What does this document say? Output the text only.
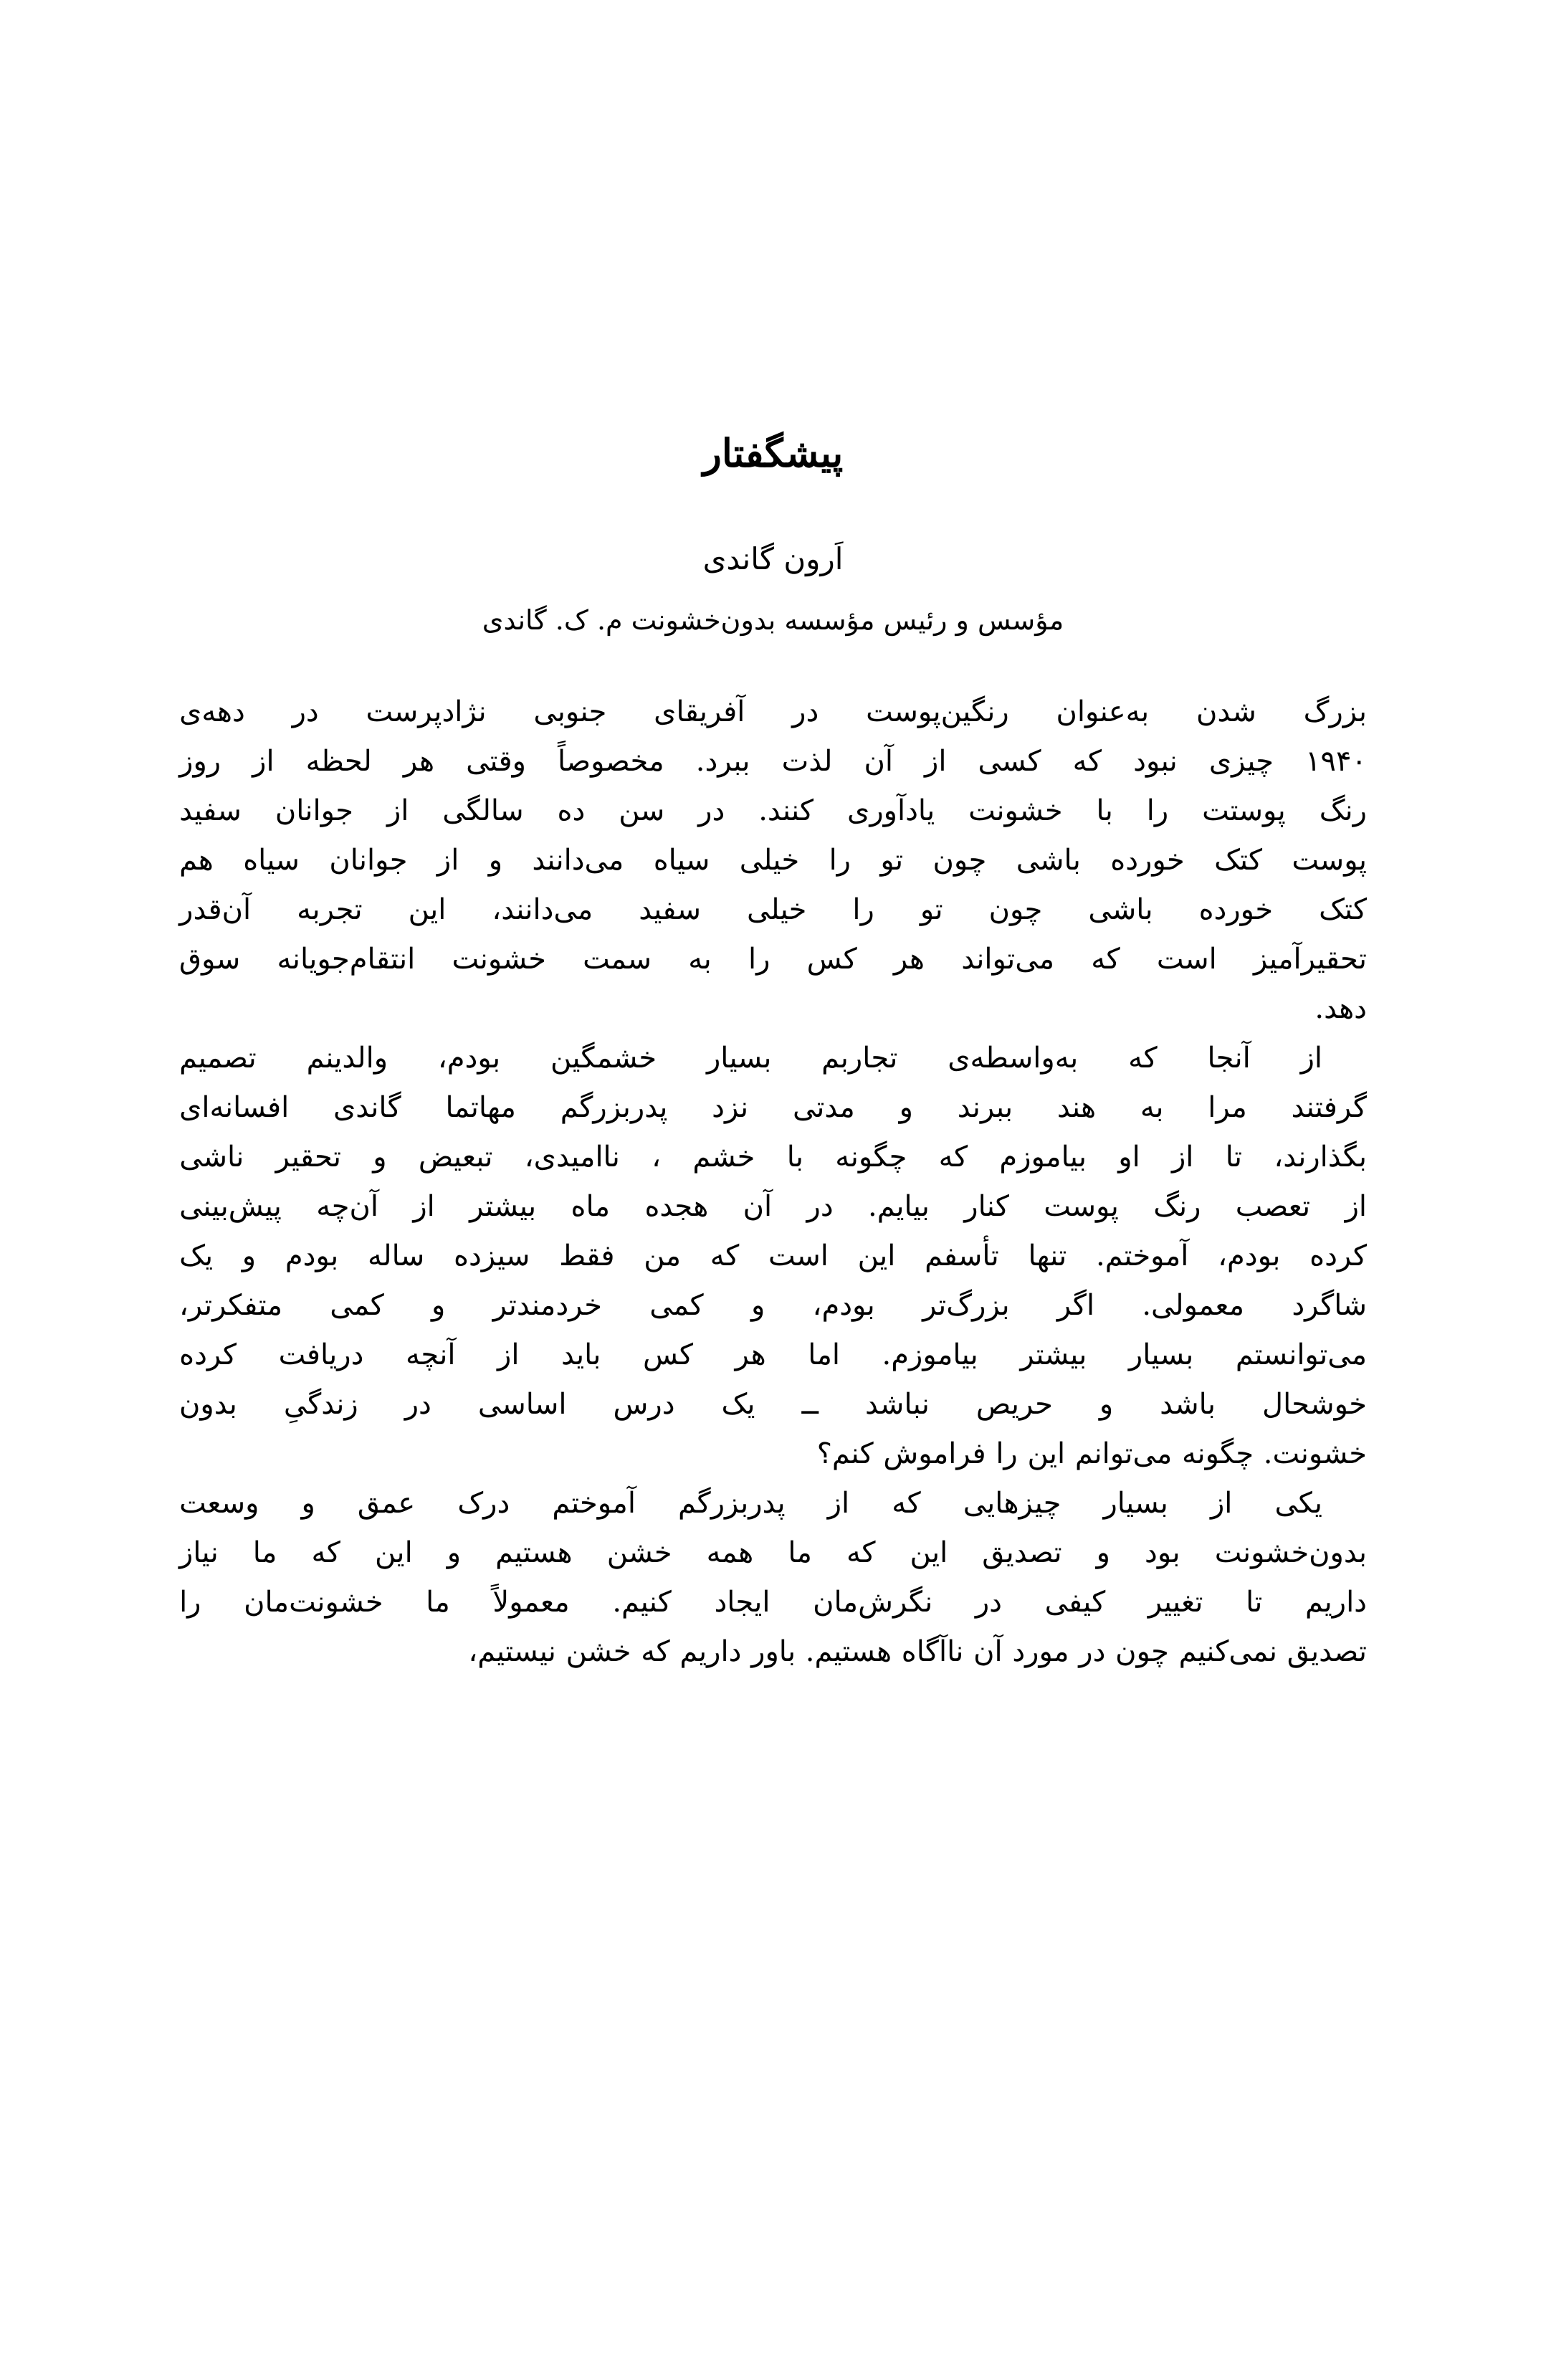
پیشگفتار
اَرون گاندی
مؤسس و رئیس مؤسسه بدون‌خشونت م. ک. گاندی

بزرگ
شدن
به‌عنوان
رنگین‌پوست
در
آفریقای
جنوبی
نژادپرست
در
دهه‌ی
۱۹۴۰
چیزی
نبود
که
کسی
از
آن
لذت
ببرد.
مخصوصاً
وقتی
هر
لحظه
از
روز
رنگ
پوستت
را
با
خشونت
یادآوری
کنند.
در
سن
ده
سالگی
از
جوانان
سفید
پوست
کتک
خورده
باشی
چون
تو
را
خیلی
سیاه
می‌دانند
و
از
جوانان
سیاه
هم
کتک
خورده
باشی
چون
تو
را
خیلی
سفید
می‌دانند،
این
تجربه
آن‌قدر
تحقیرآمیز
است
که
می‌تواند
هر
کس
را
به
سمت
خشونت
انتقام‌جویانه
سوق
دهد.

از
آنجا
که
به‌واسطه‌ی
تجاربم
بسیار
خشمگین
بودم،
والدینم
تصمیم
گرفتند
مرا
به
هند
ببرند
و
مدتی
نزد
پدربزرگم
مهاتما
گاندی
افسانه‌ای
بگذارند،
تا
از
او
بیاموزم
که
چگونه
با
خشم
،
ناامیدی،
تبعیض
و
تحقیر
ناشی
از
تعصب
رنگ
پوست
کنار
بیایم.
در
آن
هجده
ماه
بیشتر
از
آن‌چه
پیش‌بینی
کرده
بودم،
آموختم.
تنها
تأسفم
این
است
که
من
فقط
سیزده
ساله
بودم
و
یک
شاگرد
معمولی.
اگر
بزرگ‌تر
بودم،
و
کمی
خردمندتر
و
کمی
متفکرتر،
می‌توانستم
بسیار
بیشتر
بیاموزم.
اما
هر
کس
باید
از
آنچه
دریافت
کرده
خوشحال
باشد
و
حریص
نباشد
ــ
یک
درس
اساسی
در
زندگیِ
بدون
خشونت. چگونه می‌توانم این را فراموش کنم؟

یکی
از
بسیار
چیزهایی
که
از
پدربزرگم
آموختم
درک
عمق
و
وسعت
بدون‌خشونت
بود
و
تصدیق
این
که
ما
همه
خشن
هستیم
و
این
که
ما
نیاز
داریم
تا
تغییر
کیفی
در
نگرش‌مان
ایجاد
کنیم.
معمولاً
ما
خشونت‌مان
را
تصدیق نمی‌کنیم چون در مورد آن ناآگاه هستیم. باور داریم که خشن نیستیم،
